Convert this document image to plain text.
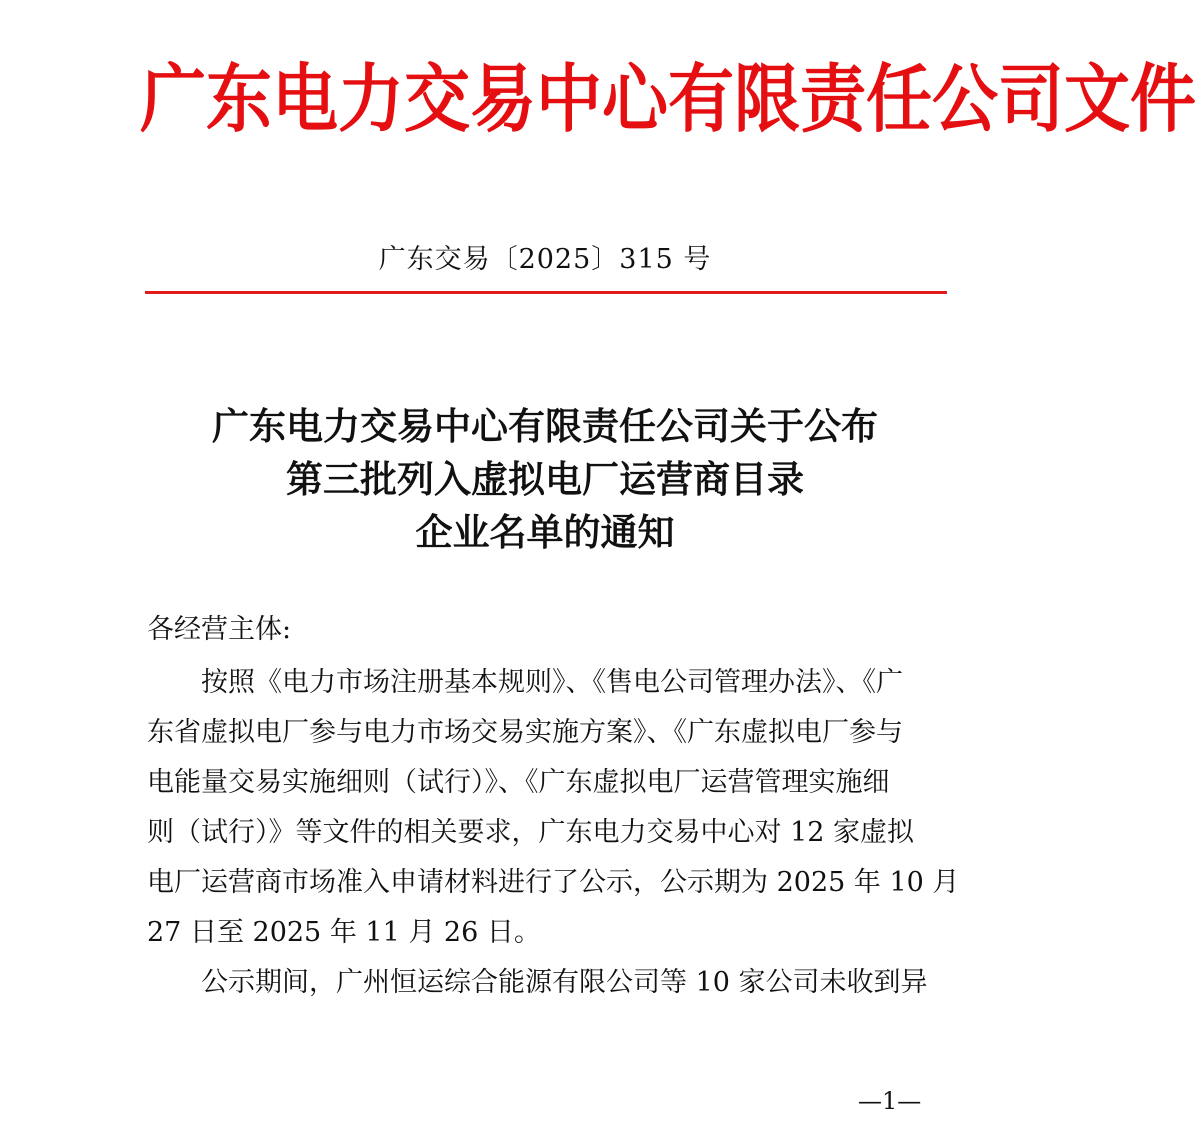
广东电力交易中心有限责任公司文件
广东交易〔2025〕315 号
广东电力交易中心有限责任公司关于公布
第三批列入虚拟电厂运营商目录
企业名单的通知
各经营主体:
按照《电力市场注册基本规则》、《售电公司管理办法》、《广
东省虚拟电厂参与电力市场交易实施方案》、《广东虚拟电厂参与
电能量交易实施细则（试行）》、《广东虚拟电厂运营管理实施细
则（试行）》等文件的相关要求，广东电力交易中心对 12 家虚拟
电厂运营商市场准入申请材料进行了公示，公示期为 2025 年 10 月
27 日至 2025 年 11 月 26 日。
公示期间，广州恒运综合能源有限公司等 10 家公司未收到异
—1—
